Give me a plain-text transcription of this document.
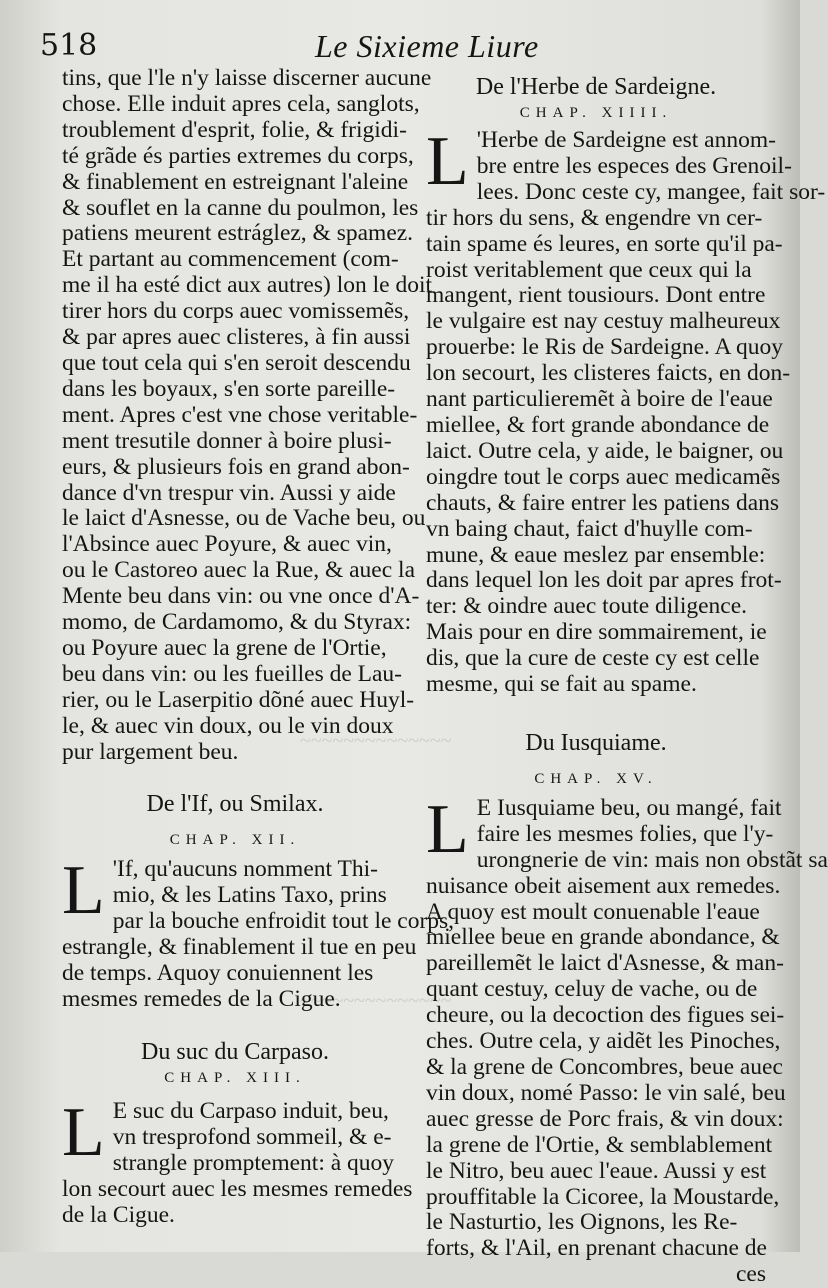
~~~~~~~~~~~~~~
~~~~~~~~~~~~~~
518	Le Sixieme Liure
tins, que l'le n'y laisse discerner aucune
chose. Elle induit apres cela, sanglots,
troublement d'esprit, folie, & frigidi-
té grãde és parties extremes du corps,
& finablement en estreignant l'aleine
& souflet en la canne du poulmon, les
patiens meurent estráglez, & spamez.
Et partant au commencement (com-
me il ha esté dict aux autres) lon le doit
tirer hors du corps auec vomissemẽs,
& par apres auec clisteres, à fin aussi
que tout cela qui s'en seroit descendu
dans les boyaux, s'en sorte pareille-
ment. Apres c'est vne chose veritable-
ment tresutile donner à boire plusi-
eurs, & plusieurs fois en grand abon-
dance d'vn trespur vin. Aussi y aide
le laict d'Asnesse, ou de Vache beu, ou
l'Absince auec Poyure, & auec vin,
ou le Castoreo auec la Rue, & auec la
Mente beu dans vin: ou vne once d'A-
momo, de Cardamomo, & du Styrax:
ou Poyure auec la grene de l'Ortie,
beu dans vin: ou les fueilles de Lau-
rier, ou le Laserpitio dõné auec Huyl-
le, & auec vin doux, ou le vin doux
pur largement beu.
De l'If, ou Smilax.
CHAP. XII.
L 'If, qu'aucuns nomment Thi-
mio, & les Latins Taxo, prins
par la bouche enfroidit tout le corps,
estrangle, & finablement il tue en peu
de temps. Aquoy conuiennent les
mesmes remedes de la Cigue.
Du suc du Carpaso.
CHAP. XIII.
L E suc du Carpaso induit, beu,
vn tresprofond sommeil, & e-
strangle promptement: à quoy
lon secourt auec les mesmes remedes
de la Cigue.
De l'Herbe de Sardeigne.
CHAP. XIIII.
L 'Herbe de Sardeigne est annom-
bre entre les especes des Grenoil-
lees. Donc ceste cy, mangee, fait sor-
tir hors du sens, & engendre vn cer-
tain spame és leures, en sorte qu'il pa-
roist veritablement que ceux qui la
mangent, rient tousiours. Dont entre
le vulgaire est nay cestuy malheureux
prouerbe: le Ris de Sardeigne. A quoy
lon secourt, les clisteres faicts, en don-
nant particulieremẽt à boire de l'eaue
miellee, & fort grande abondance de
laict. Outre cela, y aide, le baigner, ou
oingdre tout le corps auec medicamẽs
chauts, & faire entrer les patiens dans
vn baing chaut, faict d'huylle com-
mune, & eaue meslez par ensemble:
dans lequel lon les doit par apres frot-
ter: & oindre auec toute diligence.
Mais pour en dire sommairement, ie
dis, que la cure de ceste cy est celle
mesme, qui se fait au spame.
Du Iusquiame.
CHAP. XV.
L E Iusquiame beu, ou mangé, fait
faire les mesmes folies, que l'y-
urongnerie de vin: mais non obstãt sa
nuisance obeit aisement aux remedes.
A quoy est moult conuenable l'eaue
miellee beue en grande abondance, &
pareillemẽt le laict d'Asnesse, & man-
quant cestuy, celuy de vache, ou de
cheure, ou la decoction des figues sei-
ches. Outre cela, y aidẽt les Pinoches,
& la grene de Concombres, beue auec
vin doux, nomé Passo: le vin salé, beu
auec gresse de Porc frais, & vin doux:
la grene de l'Ortie, & semblablement
le Nitro, beu auec l'eaue. Aussi y est
prouffitable la Cicoree, la Moustarde,
le Nasturtio, les Oignons, les Re-
forts, & l'Ail, en prenant chacune de
ces
